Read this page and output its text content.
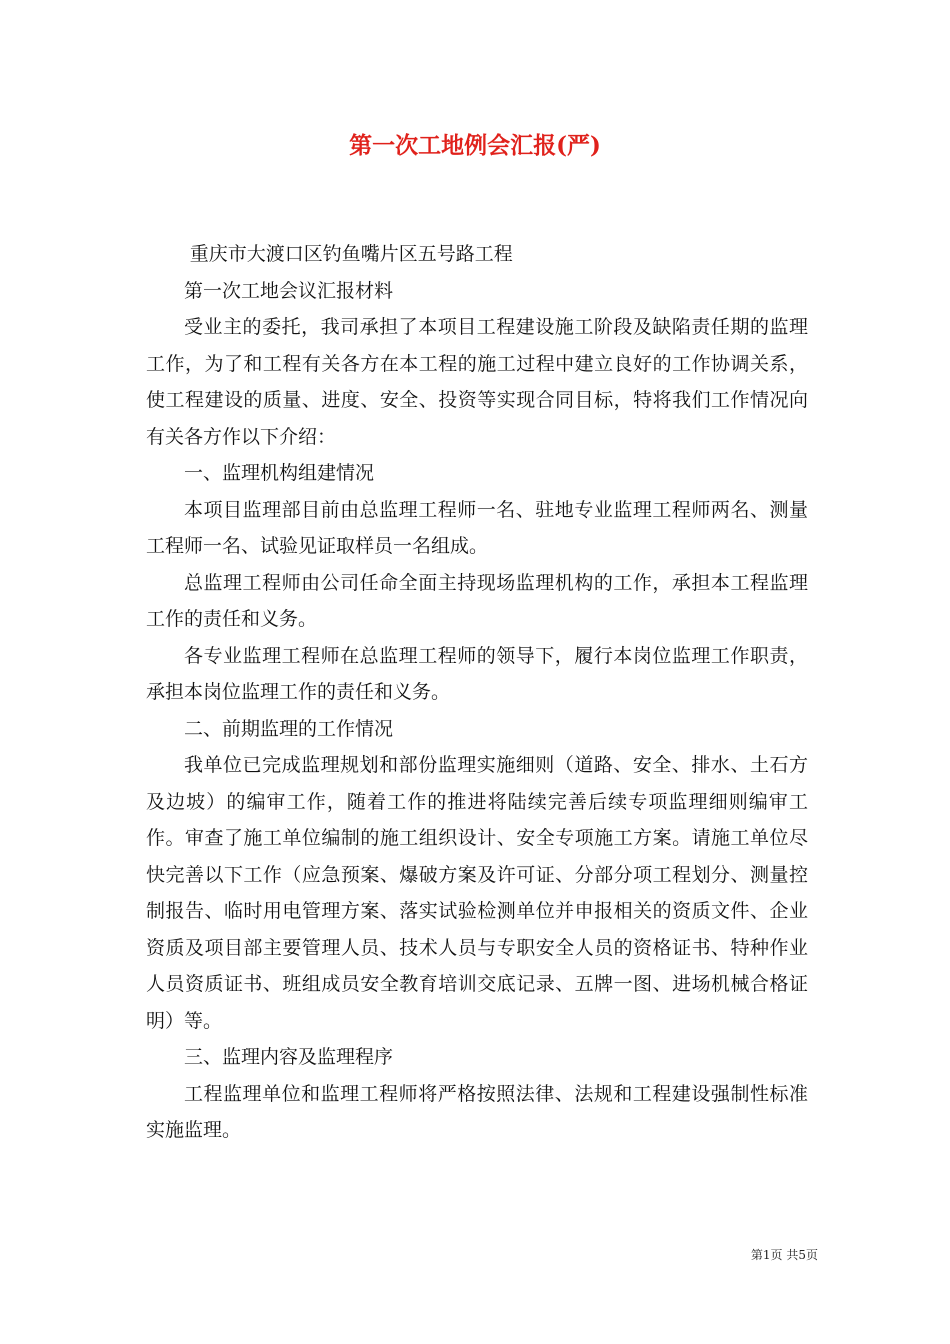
第一次工地例会汇报(严)

重庆市大渡口区钓鱼嘴片区五号路工程

第一次工地会议汇报材料

受业主的委托，我司承担了本项目工程建设施工阶段及缺陷责任期的监理工作，为了和工程有关各方在本工程的施工过程中建立良好的工作协调关系，使工程建设的质量、进度、安全、投资等实现合同目标，特将我们工作情况向有关各方作以下介绍：

一、监理机构组建情况

本项目监理部目前由总监理工程师一名、驻地专业监理工程师两名、测量工程师一名、试验见证取样员一名组成。

总监理工程师由公司任命全面主持现场监理机构的工作，承担本工程监理工作的责任和义务。

各专业监理工程师在总监理工程师的领导下，履行本岗位监理工作职责，承担本岗位监理工作的责任和义务。

二、前期监理的工作情况

我单位已完成监理规划和部份监理实施细则（道路、安全、排水、土石方及边坡）的编审工作，随着工作的推进将陆续完善后续专项监理细则编审工作。审查了施工单位编制的施工组织设计、安全专项施工方案。请施工单位尽快完善以下工作（应急预案、爆破方案及许可证、分部分项工程划分、测量控制报告、临时用电管理方案、落实试验检测单位并申报相关的资质文件、企业资质及项目部主要管理人员、技术人员与专职安全人员的资格证书、特种作业人员资质证书、班组成员安全教育培训交底记录、五牌一图、进场机械合格证明）等。

三、监理内容及监理程序

工程监理单位和监理工程师将严格按照法律、法规和工程建设强制性标准实施监理。

第1页 共5页
